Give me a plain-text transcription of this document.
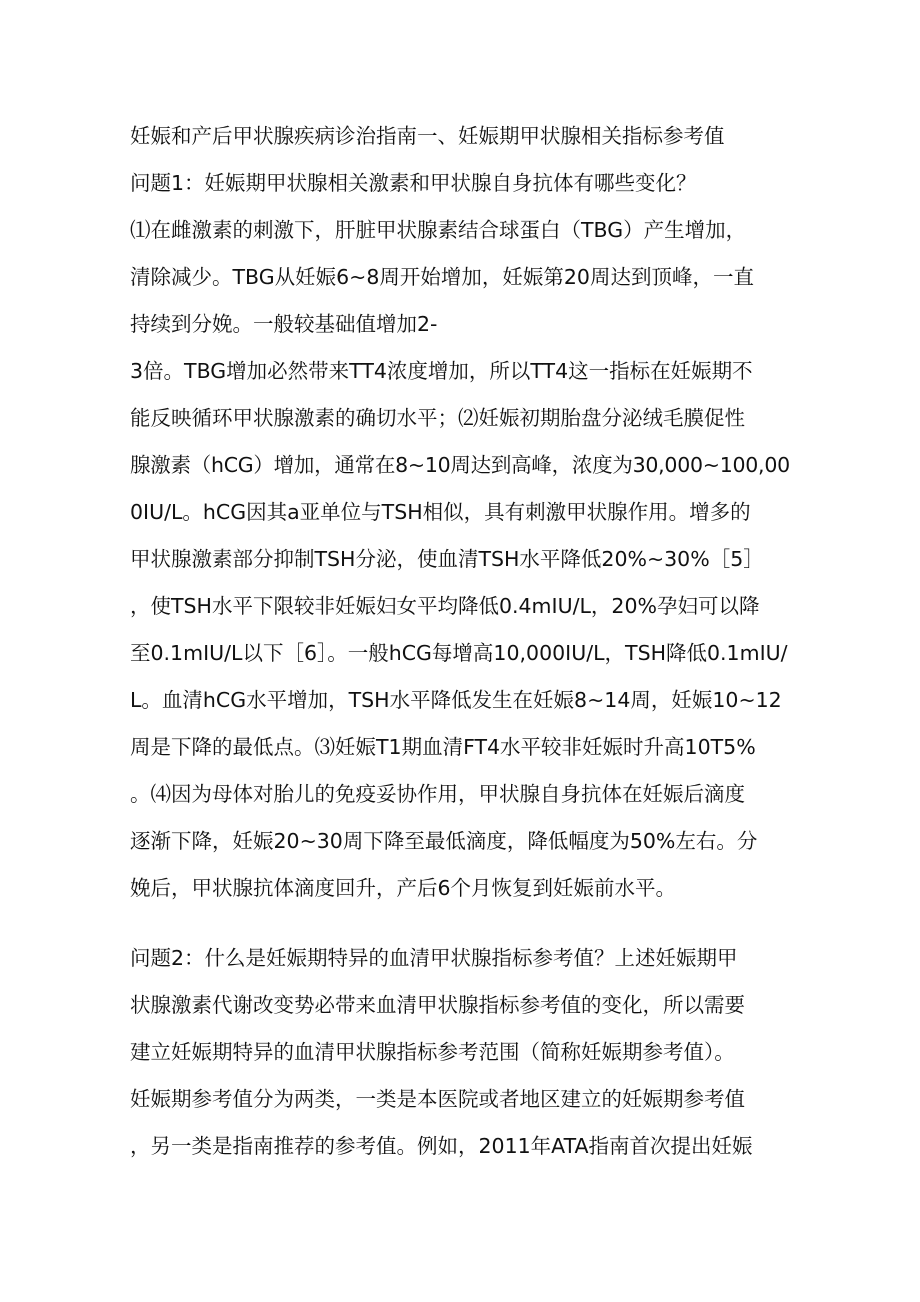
妊娠和产后甲状腺疾病诊治指南一、妊娠期甲状腺相关指标参考值

问题1：妊娠期甲状腺相关激素和甲状腺自身抗体有哪些变化？

⑴在雌激素的刺激下，肝脏甲状腺素结合球蛋白（TBG）产生增加，

清除减少。TBG从妊娠6~8周开始增加，妊娠第20周达到顶峰，一直

持续到分娩。一般较基础值增加2-

3倍。TBG增加必然带来TT4浓度增加，所以TT4这一指标在妊娠期不

能反映循环甲状腺激素的确切水平；⑵妊娠初期胎盘分泌绒毛膜促性

腺激素（hCG）增加，通常在8~10周达到高峰，浓度为30,000~100,00

0IU/L。hCG因其a亚单位与TSH相似，具有刺激甲状腺作用。增多的

甲状腺激素部分抑制TSH分泌，使血清TSH水平降低20%~30%［5］

，使TSH水平下限较非妊娠妇女平均降低0.4mIU/L，20%孕妇可以降

至0.1mIU/L以下［6］。一般hCG每增高10,000IU/L，TSH降低0.1mIU/

L。血清hCG水平增加，TSH水平降低发生在妊娠8~14周，妊娠10~12

周是下降的最低点。⑶妊娠T1期血清FT4水平较非妊娠时升高10T5%

。⑷因为母体对胎儿的免疫妥协作用，甲状腺自身抗体在妊娠后滴度

逐渐下降，妊娠20~30周下降至最低滴度，降低幅度为50%左右。分

娩后，甲状腺抗体滴度回升，产后6个月恢复到妊娠前水平。

问题2：什么是妊娠期特异的血清甲状腺指标参考值？上述妊娠期甲

状腺激素代谢改变势必带来血清甲状腺指标参考值的变化，所以需要

建立妊娠期特异的血清甲状腺指标参考范围（简称妊娠期参考值）。

妊娠期参考值分为两类，一类是本医院或者地区建立的妊娠期参考值

，另一类是指南推荐的参考值。例如，2011年ATA指南首次提出妊娠
